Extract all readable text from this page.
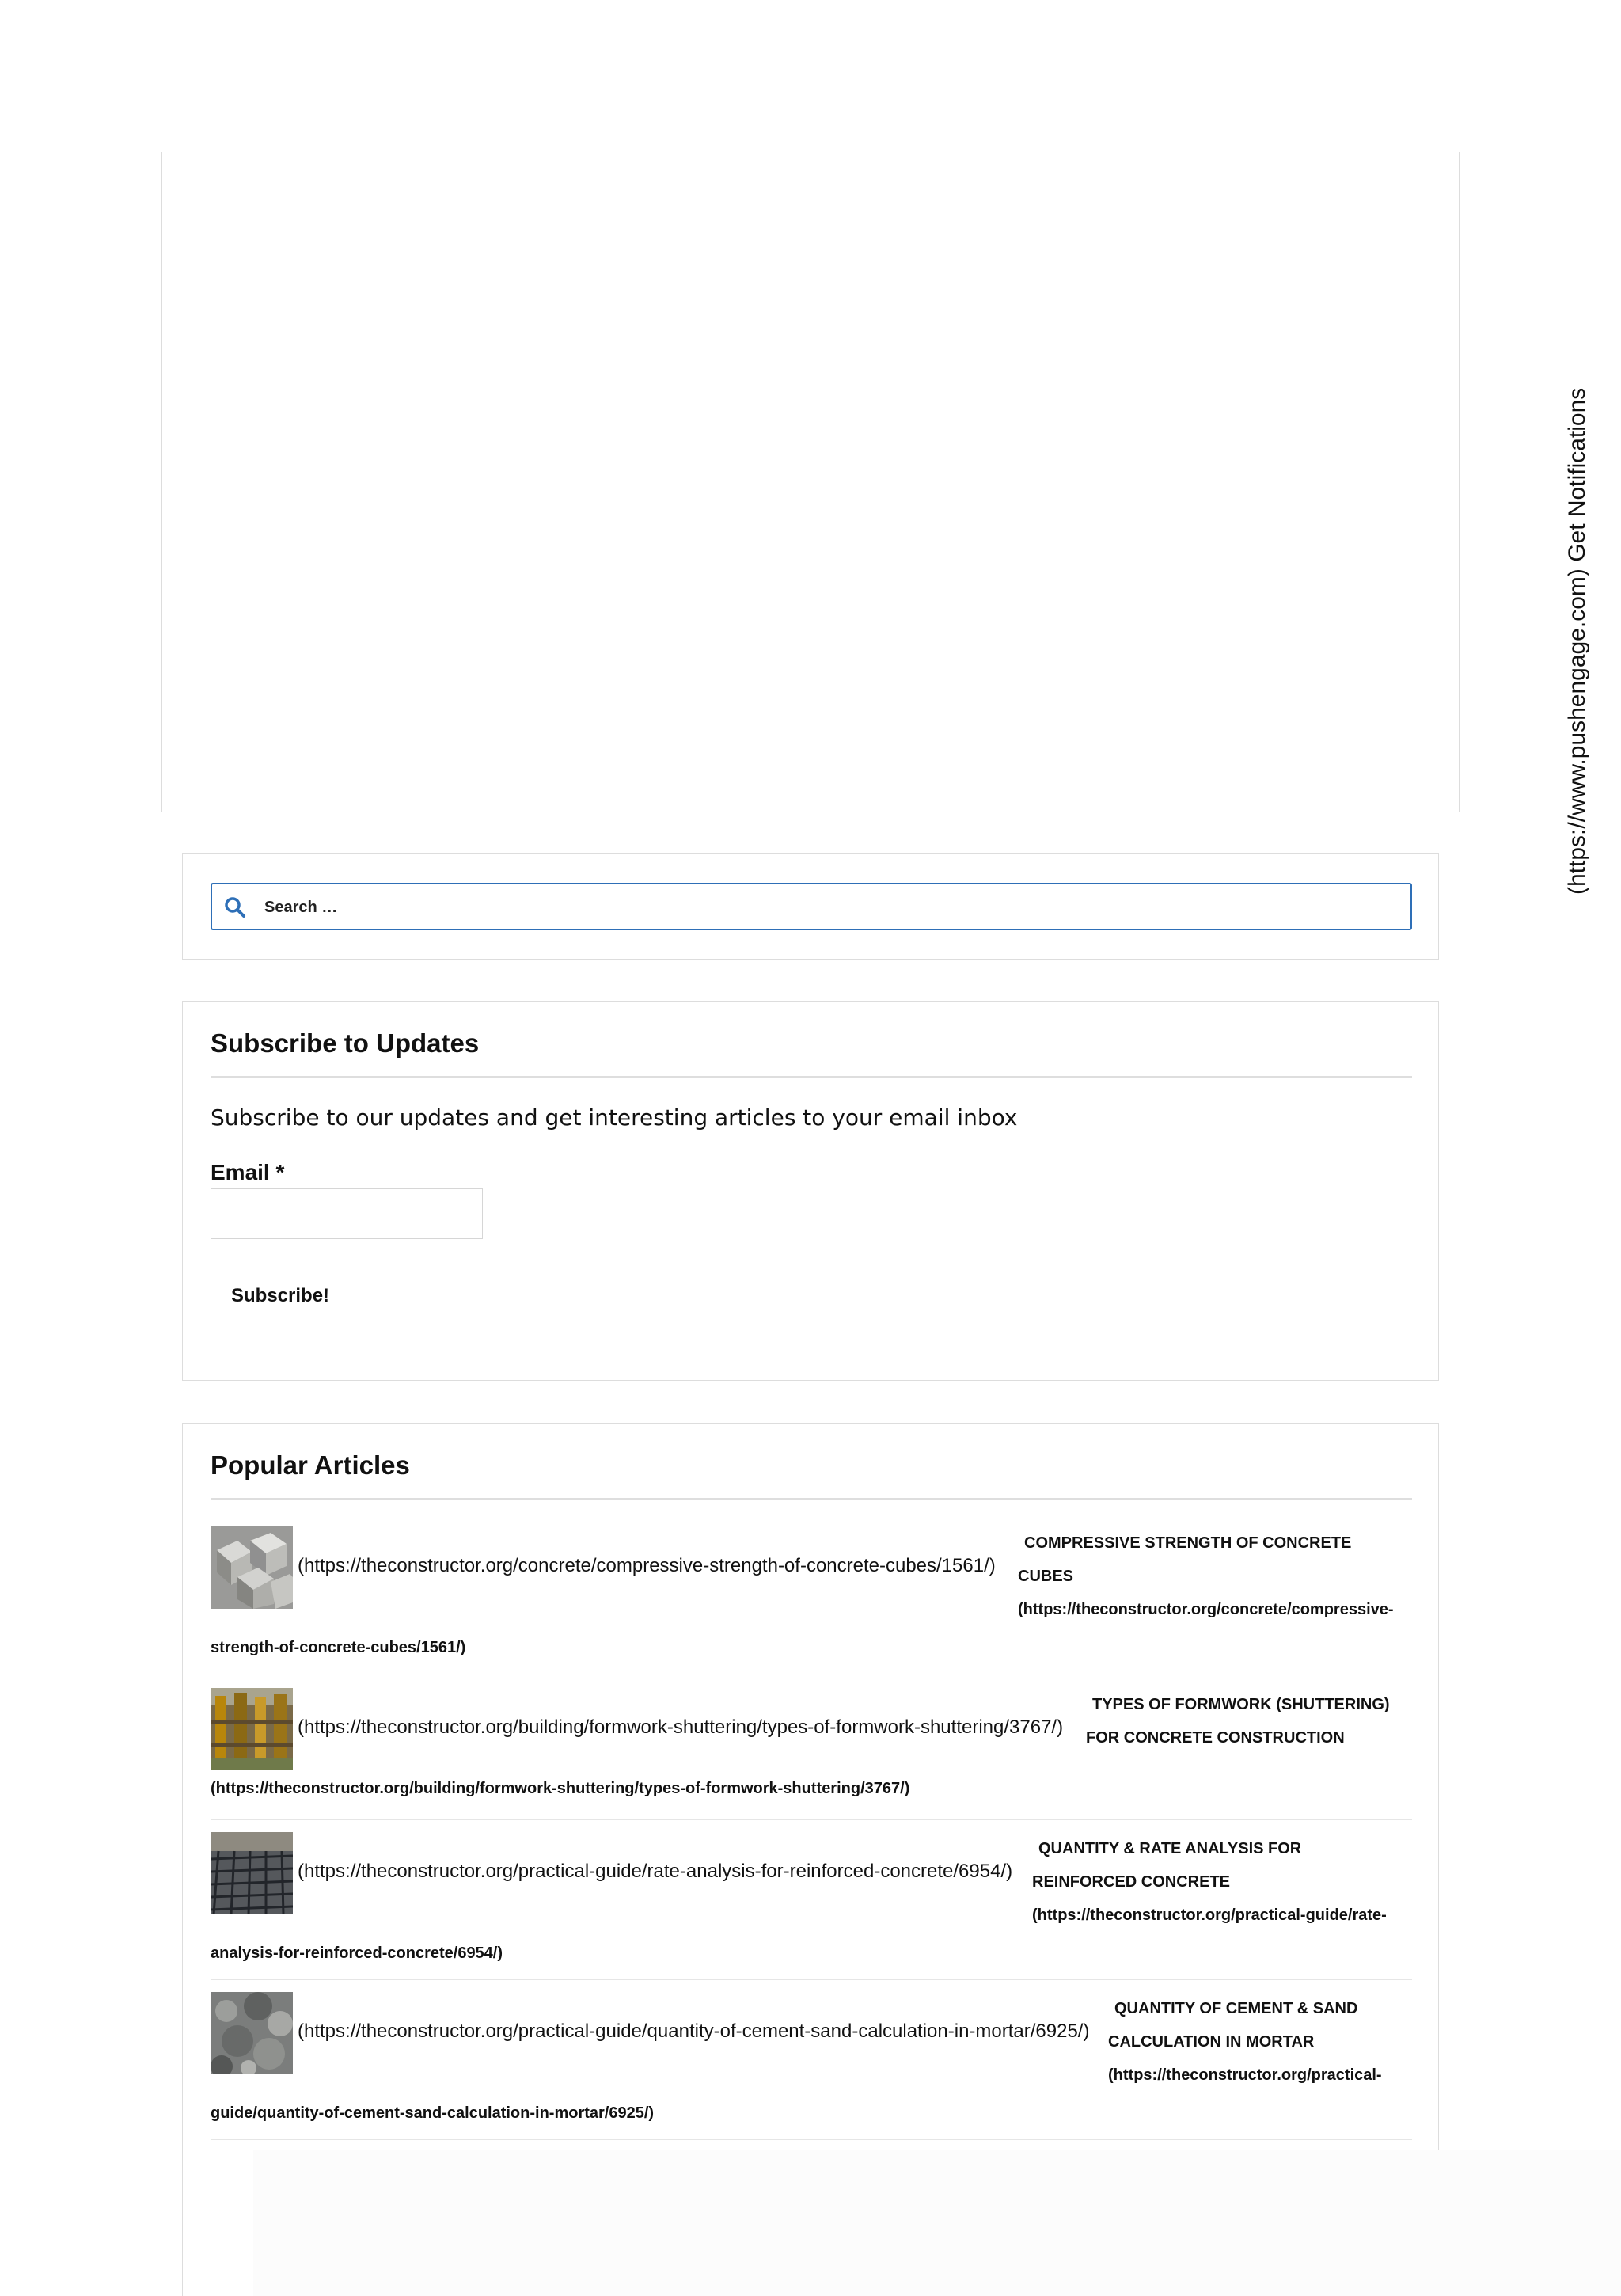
(https://www.pushengage.com) Get Notifications
Search …
Subscribe to Updates
Subscribe to our updates and get interesting articles to your email inbox
Email *
Subscribe!
Popular Articles
(https://theconstructor.org/concrete/compressive-strength-of-concrete-cubes/1561/)
COMPRESSIVE STRENGTH OF CONCRETE
CUBES
(https://theconstructor.org/concrete/compressive-
strength-of-concrete-cubes/1561/)
(https://theconstructor.org/building/formwork-shuttering/types-of-formwork-shuttering/3767/)
TYPES OF FORMWORK (SHUTTERING)
FOR CONCRETE CONSTRUCTION
(https://theconstructor.org/building/formwork-shuttering/types-of-formwork-shuttering/3767/)
(https://theconstructor.org/practical-guide/rate-analysis-for-reinforced-concrete/6954/)
QUANTITY & RATE ANALYSIS FOR
REINFORCED CONCRETE
(https://theconstructor.org/practical-guide/rate-
analysis-for-reinforced-concrete/6954/)
(https://theconstructor.org/practical-guide/quantity-of-cement-sand-calculation-in-mortar/6925/)
QUANTITY OF CEMENT & SAND
CALCULATION IN MORTAR
(https://theconstructor.org/practical-
guide/quantity-of-cement-sand-calculation-in-mortar/6925/)
